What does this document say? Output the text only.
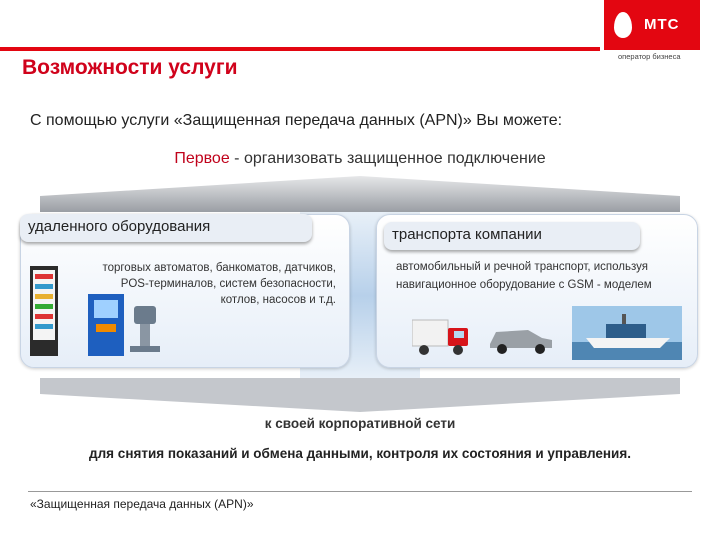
МТС
оператор бизнеса
Возможности услуги
С помощью услуги «Защищенная передача данных (APN)» Вы можете:
Первое - организовать защищенное подключение
удаленного оборудования	транспорта компании
торговых автоматов, банкоматов, датчиков, POS-терминалов, систем безопасности, котлов, насосов и т.д.
автомобильный и речной транспорт, используя навигационное оборудование с GSM - моделем
к своей корпоративной сети
для снятия показаний и обмена данными, контроля их состояния и управления.
«Защищенная передача данных (APN)»
